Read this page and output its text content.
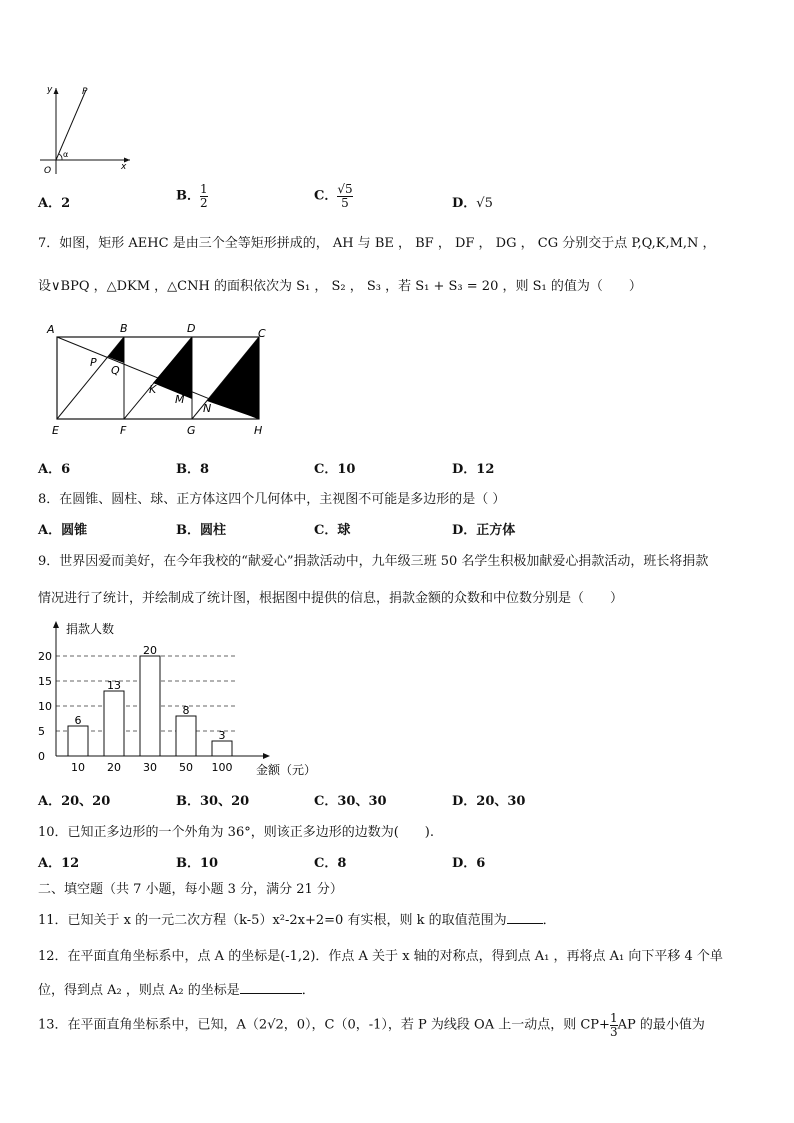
y
x
O
P
α
A．2	B． $\frac{1}{2}$	C． $\frac{√5}{5}$	D．√5
7．如图，矩形 AEHC 是由三个全等矩形拼成的， AH 与 BE ， BF ， DF ， DG ， CG 分别交于点 P,Q,K,M,N ，
设∨BPQ ，△DKM ，△CNH 的面积依次为 S₁ ， S₂ ， S₃ ，若 S₁ + S₃ = 20 ，则 S₁ 的值为（　　）
A	B	D	C
P
Q
K
M
N
E	F	G	H
A．6	B．8	C．10	D．12
8．在圆锥、圆柱、球、正方体这四个几何体中，主视图不可能是多边形的是（ ）
A．圆锥	B．圆柱	C．球	D．正方体
9．世界因爱而美好，在今年我校的“献爱心”捐款活动中，九年级三班 50 名学生积极加献爱心捐款活动，班长将捐款
情况进行了统计，并绘制成了统计图，根据图中提供的信息，捐款金额的众数和中位数分别是（　　）
0
5
10
15
20
6
10
13
20
20
30
8
50
3
100
捐款人数
金额（元）
A．20、20	B．30、20	C．30、30	D．20、30
10．已知正多边形的一个外角为 36°，则该正多边形的边数为(　　).
A．12	B．10	C．8	D．6
二、填空题（共 7 小题，每小题 3 分，满分 21 分）
11．已知关于 x 的一元二次方程（k-5）x²-2x+2=0 有实根，则 k 的取值范围为	．
12．在平面直角坐标系中，点 A 的坐标是(-1,2)．作点 A 关于 x 轴的对称点，得到点 A₁ ，再将点 A₁ 向下平移 4 个单
位，得到点 A₂ ，则点 A₂ 的坐标是	．
13．在平面直角坐标系中，已知，A（2√2，0），C（0，-1），若 P 为线段 OA 上一动点，则 $CP+ \frac{1}{3}$ AP 的最小值为
